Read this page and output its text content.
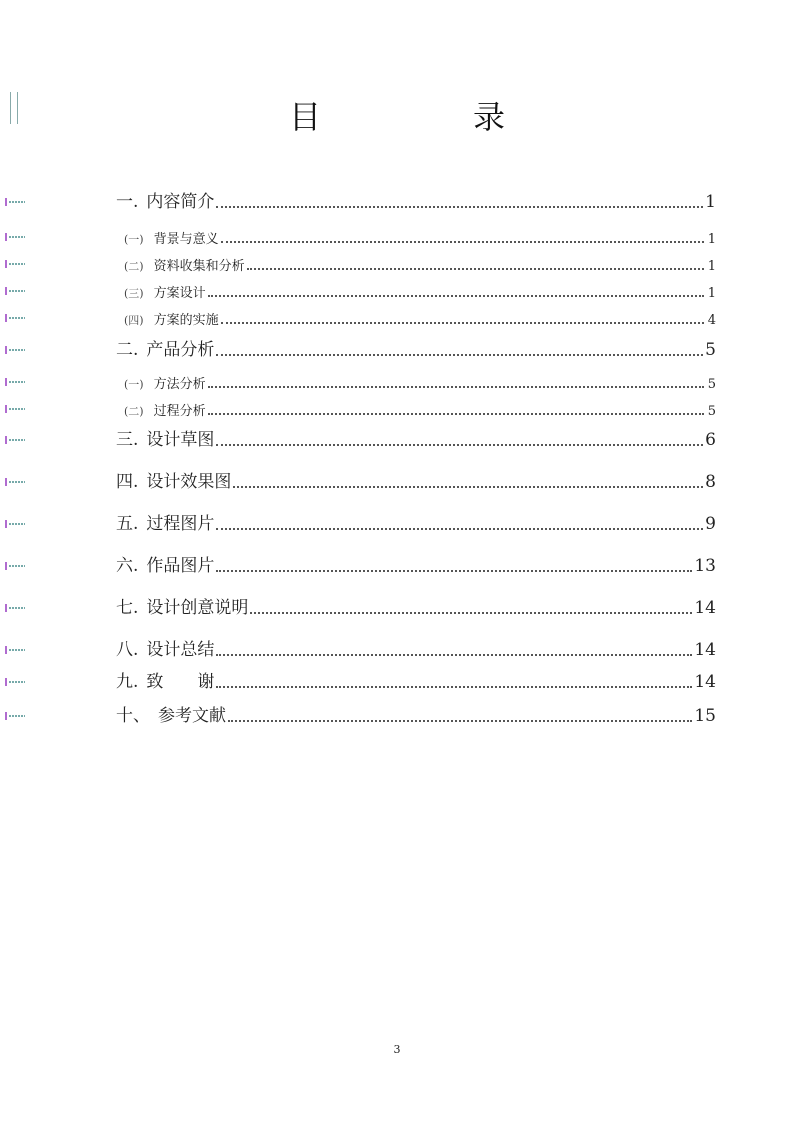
目　录
一. 内容简介	1
(一) 背景与意义	1
(二) 资料收集和分析	1
(三) 方案设计	1
(四) 方案的实施	4
二. 产品分析	5
(一) 方法分析	5
(二) 过程分析	5
三. 设计草图	6
四. 设计效果图	8
五. 过程图片	9
六. 作品图片	13
七. 设计创意说明	14
八. 设计总结	14
九. 致　　谢	14
十、 参考文献	15
3
